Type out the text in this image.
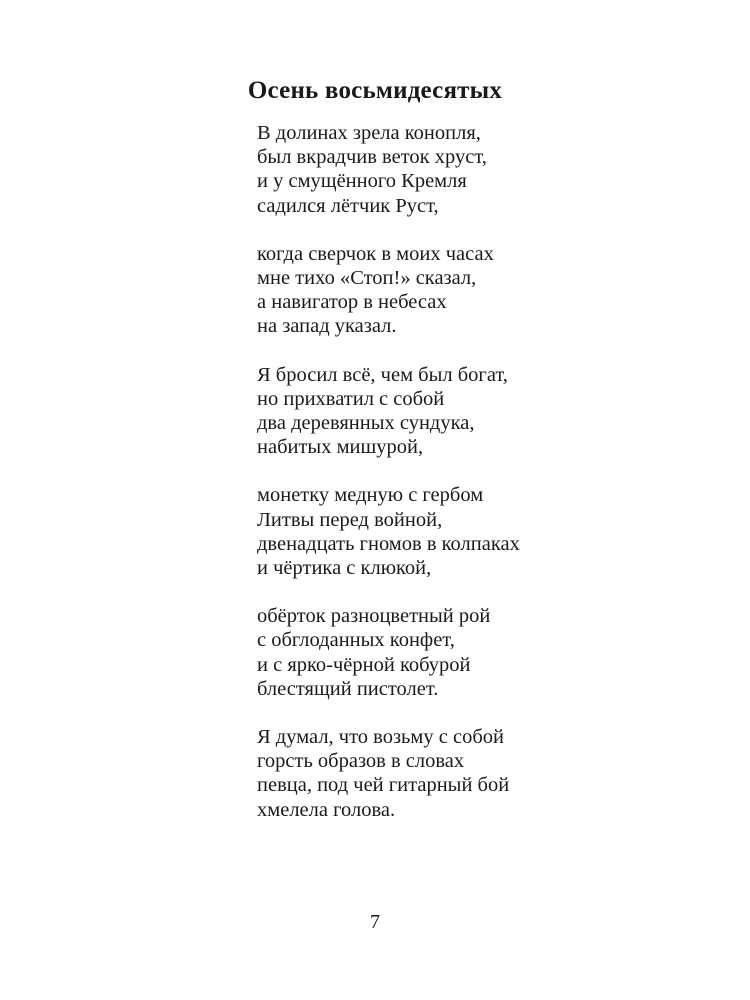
Осень восьмидесятых
В долинах зрела конопля,
был вкрадчив веток хруст,
и у смущённого Кремля
садился лётчик Руст,
когда сверчок в моих часах
мне тихо «Стоп!» сказал,
а навигатор в небесах
на запад указал.
Я бросил всё, чем был богат,
но прихватил с собой
два деревянных сундука,
набитых мишурой,
монетку медную с гербом
Литвы перед войной,
двенадцать гномов в колпаках
и чёртика с клюкой,
обёрток разноцветный рой
с обглоданных конфет,
и с ярко-чёрной кобурой
блестящий пистолет.
Я думал, что возьму с собой
горсть образов в словах
певца, под чей гитарный бой
хмелела голова.
7
